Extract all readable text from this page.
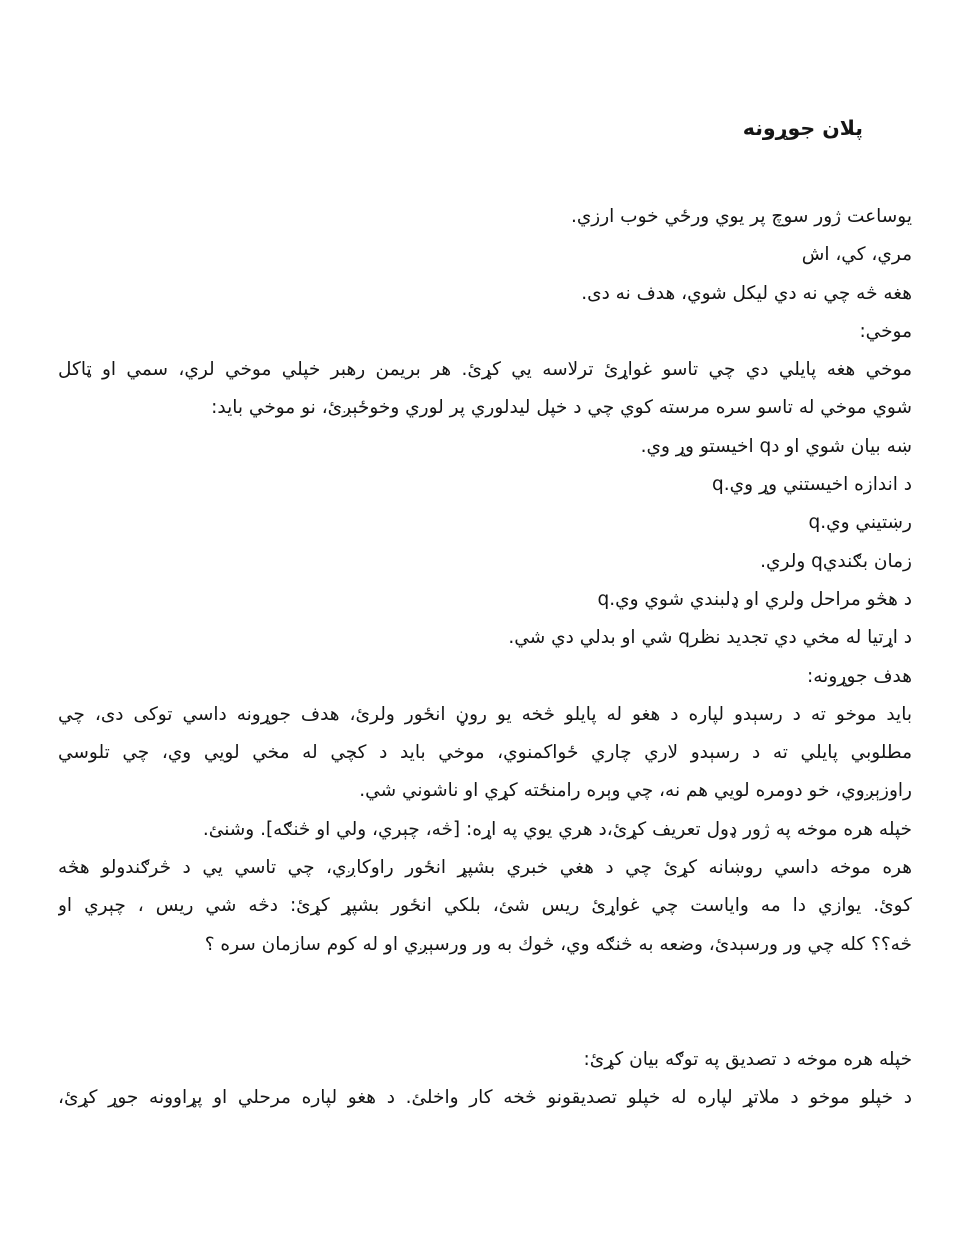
پلان جوړونه
يوساعت ژور سوچ پر يوي ورځي خوب ارزي.
مري، کي، اش
هغه څه چي نه دي ليکل شوي، هدف نه دی.
موخي:
موخي هغه پايلي دي چي تاسو غواړئ ترلاسه يي کړئ. هر بريمن رهبر خپلي موخي لري، سمي او ټاکل
شوي موخي له تاسو سره مرسته کوي چي د خپل ليدلوري پر لوري وخوځېږئ، نو موخي بايد:
ښه بيان شوي او دq اخيستو وړ وي.
د اندازه اخيستني وړ وي.q
رښتيني وي.q
زمان بګنديq ولري.
د هڅو مراحل ولري او ډلبندي شوي وي.q
د اړتيا له مخي دي تجديد نظرq شي او بدلي دي شي.
هدف جوړونه:
بايد موخو ته د رسېدو لپاره د هغو له پايلو څخه يو روڼ انځور ولرئ، هدف جوړونه داسي توکی دی، چي
مطلوبي پايلي ته د رسېدو لاري چاري ځواکمنوي، موخي بايد د کچي له مخي لويي وي، چي تلوسي
راوزېږوي، خو دومره لويي هم نه، چي وېره رامنځته کړي او ناشوني شي.
خپله هره موخه په ژور ډول تعريف کړئ،د هري يوي په اړه: [څه، چېري، ولي او څنګه]. وشنئ.
هره موخه داسي روښانه کړئ چي د هغي خبري بشپړ انځور راوکاږي، چي تاسي يي د څرګندولو هڅه
کوئ. يوازي دا مه واياست چي غواړئ ريس شئ، بلکي انځور بشپړ کړئ: دڅه شي ريس ، چېري او
څه؟؟ کله چي ور ورسېدئ، وضعه به څنګه وي، څوك به ور ورسېږي او له کوم سازمان سره ؟
خپله هره موخه د تصديق په توګه بيان کړئ:
د خپلو موخو د ملاتړ لپاره له خپلو تصديقونو څخه کار واخلئ. د هغو لپاره مرحلي او پړاوونه جوړ کړئ،
